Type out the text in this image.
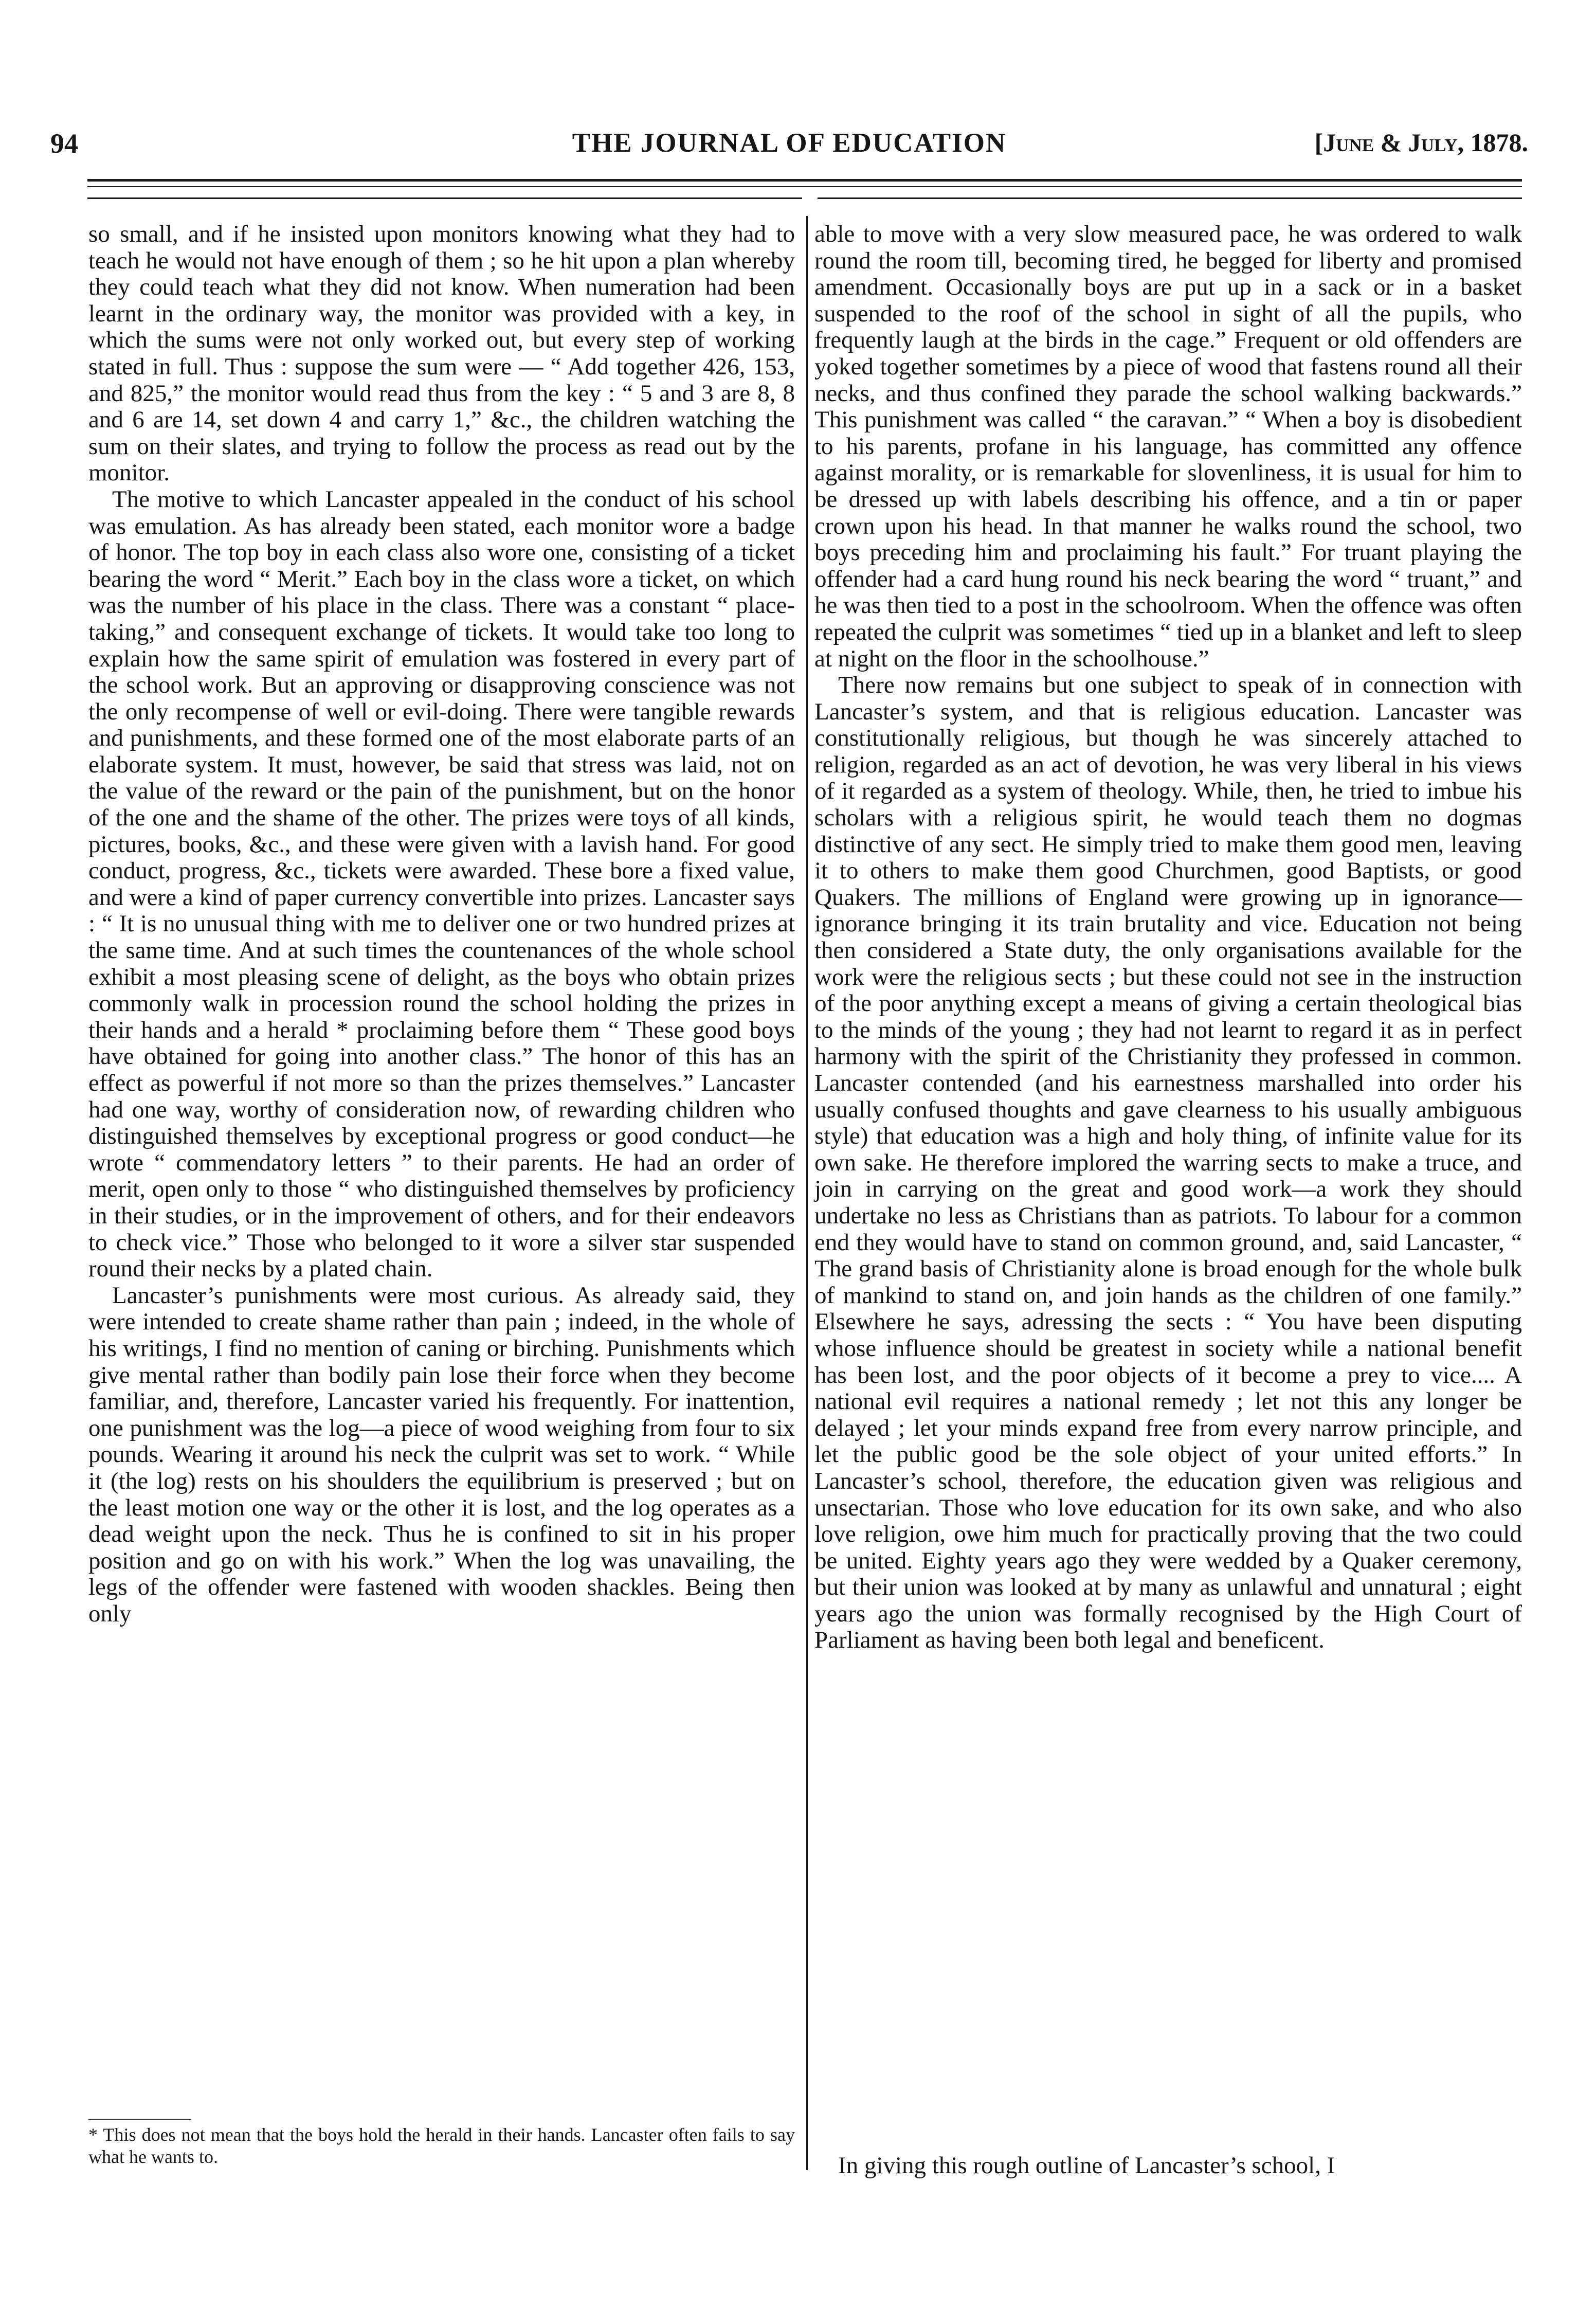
94	THE JOURNAL OF EDUCATION	[June & July, 1878.

so small, and if he insisted upon monitors knowing what they had to teach he would not have enough of them ; so he hit upon a plan whereby they could teach what they did not know. When numeration had been learnt in the ordinary way, the monitor was provided with a key, in which the sums were not only worked out, but every step of working stated in full. Thus : suppose the sum were — “ Add together 426, 153, and 825,” the monitor would read thus from the key : “ 5 and 3 are 8, 8 and 6 are 14, set down 4 and carry 1,” &c., the children watching the sum on their slates, and trying to follow the process as read out by the monitor.

The motive to which Lancaster appealed in the conduct of his school was emulation. As has already been stated, each monitor wore a badge of honor. The top boy in each class also wore one, consisting of a ticket bearing the word “ Merit.” Each boy in the class wore a ticket, on which was the number of his place in the class. There was a constant “ place-taking,” and consequent exchange of tickets. It would take too long to explain how the same spirit of emulation was fostered in every part of the school work. But an approving or disapproving conscience was not the only recompense of well or evil-doing. There were tangible rewards and punishments, and these formed one of the most elaborate parts of an elaborate system. It must, however, be said that stress was laid, not on the value of the reward or the pain of the punishment, but on the honor of the one and the shame of the other. The prizes were toys of all kinds, pictures, books, &c., and these were given with a lavish hand. For good conduct, progress, &c., tickets were awarded. These bore a fixed value, and were a kind of paper currency convertible into prizes. Lancaster says : “ It is no unusual thing with me to deliver one or two hundred prizes at the same time. And at such times the countenances of the whole school exhibit a most pleasing scene of delight, as the boys who obtain prizes commonly walk in procession round the school holding the prizes in their hands and a herald * proclaiming before them “ These good boys have obtained for going into another class.” The honor of this has an effect as powerful if not more so than the prizes themselves.” Lancaster had one way, worthy of consideration now, of rewarding children who distinguished themselves by exceptional progress or good conduct—he wrote “ commendatory letters ” to their parents. He had an order of merit, open only to those “ who distinguished themselves by proficiency in their studies, or in the improvement of others, and for their endeavors to check vice.” Those who belonged to it wore a silver star suspended round their necks by a plated chain.

Lancaster’s punishments were most curious. As already said, they were intended to create shame rather than pain ; indeed, in the whole of his writings, I find no mention of caning or birching. Punishments which give mental rather than bodily pain lose their force when they become familiar, and, therefore, Lancaster varied his frequently. For inattention, one punishment was the log—a piece of wood weighing from four to six pounds. Wearing it around his neck the culprit was set to work. “ While it (the log) rests on his shoulders the equilibrium is preserved ; but on the least motion one way or the other it is lost, and the log operates as a dead weight upon the neck. Thus he is confined to sit in his proper position and go on with his work.” When the log was unavailing, the legs of the offender were fastened with wooden shackles. Being then only

able to move with a very slow measured pace, he was ordered to walk round the room till, becoming tired, he begged for liberty and promised amendment. Occasionally boys are put up in a sack or in a basket suspended to the roof of the school in sight of all the pupils, who frequently laugh at the birds in the cage.” Frequent or old offenders are yoked together sometimes by a piece of wood that fastens round all their necks, and thus confined they parade the school walking backwards.” This punishment was called “ the caravan.” “ When a boy is disobedient to his parents, profane in his language, has committed any offence against morality, or is remarkable for slovenliness, it is usual for him to be dressed up with labels describing his offence, and a tin or paper crown upon his head. In that manner he walks round the school, two boys preceding him and proclaiming his fault.” For truant playing the offender had a card hung round his neck bearing the word “ truant,” and he was then tied to a post in the schoolroom. When the offence was often repeated the culprit was sometimes “ tied up in a blanket and left to sleep at night on the floor in the schoolhouse.”

There now remains but one subject to speak of in connection with Lancaster’s system, and that is religious education. Lancaster was constitutionally religious, but though he was sincerely attached to religion, regarded as an act of devotion, he was very liberal in his views of it regarded as a system of theology. While, then, he tried to imbue his scholars with a religious spirit, he would teach them no dogmas distinctive of any sect. He simply tried to make them good men, leaving it to others to make them good Churchmen, good Baptists, or good Quakers. The millions of England were growing up in ignorance—ignorance bringing it its train brutality and vice. Education not being then considered a State duty, the only organisations available for the work were the religious sects ; but these could not see in the instruction of the poor anything except a means of giving a certain theological bias to the minds of the young ; they had not learnt to regard it as in perfect harmony with the spirit of the Christianity they professed in common. Lancaster contended (and his earnestness marshalled into order his usually confused thoughts and gave clearness to his usually ambiguous style) that education was a high and holy thing, of infinite value for its own sake. He therefore implored the warring sects to make a truce, and join in carrying on the great and good work—a work they should undertake no less as Christians than as patriots. To labour for a common end they would have to stand on common ground, and, said Lancaster, “ The grand basis of Christianity alone is broad enough for the whole bulk of mankind to stand on, and join hands as the children of one family.” Elsewhere he says, adressing the sects : “ You have been disputing whose influence should be greatest in society while a national benefit has been lost, and the poor objects of it become a prey to vice.... A national evil requires a national remedy ; let not this any longer be delayed ; let your minds expand free from every narrow principle, and let the public good be the sole object of your united efforts.” In Lancaster’s school, therefore, the education given was religious and unsectarian. Those who love education for its own sake, and who also love religion, owe him much for practically proving that the two could be united. Eighty years ago they were wedded by a Quaker ceremony, but their union was looked at by many as unlawful and unnatural ; eight years ago the union was formally recognised by the High Court of Parliament as having been both legal and beneficent.

In giving this rough outline of Lancaster’s school, I
* This does not mean that the boys hold the herald in their hands. Lancaster often fails to say what he wants to.
